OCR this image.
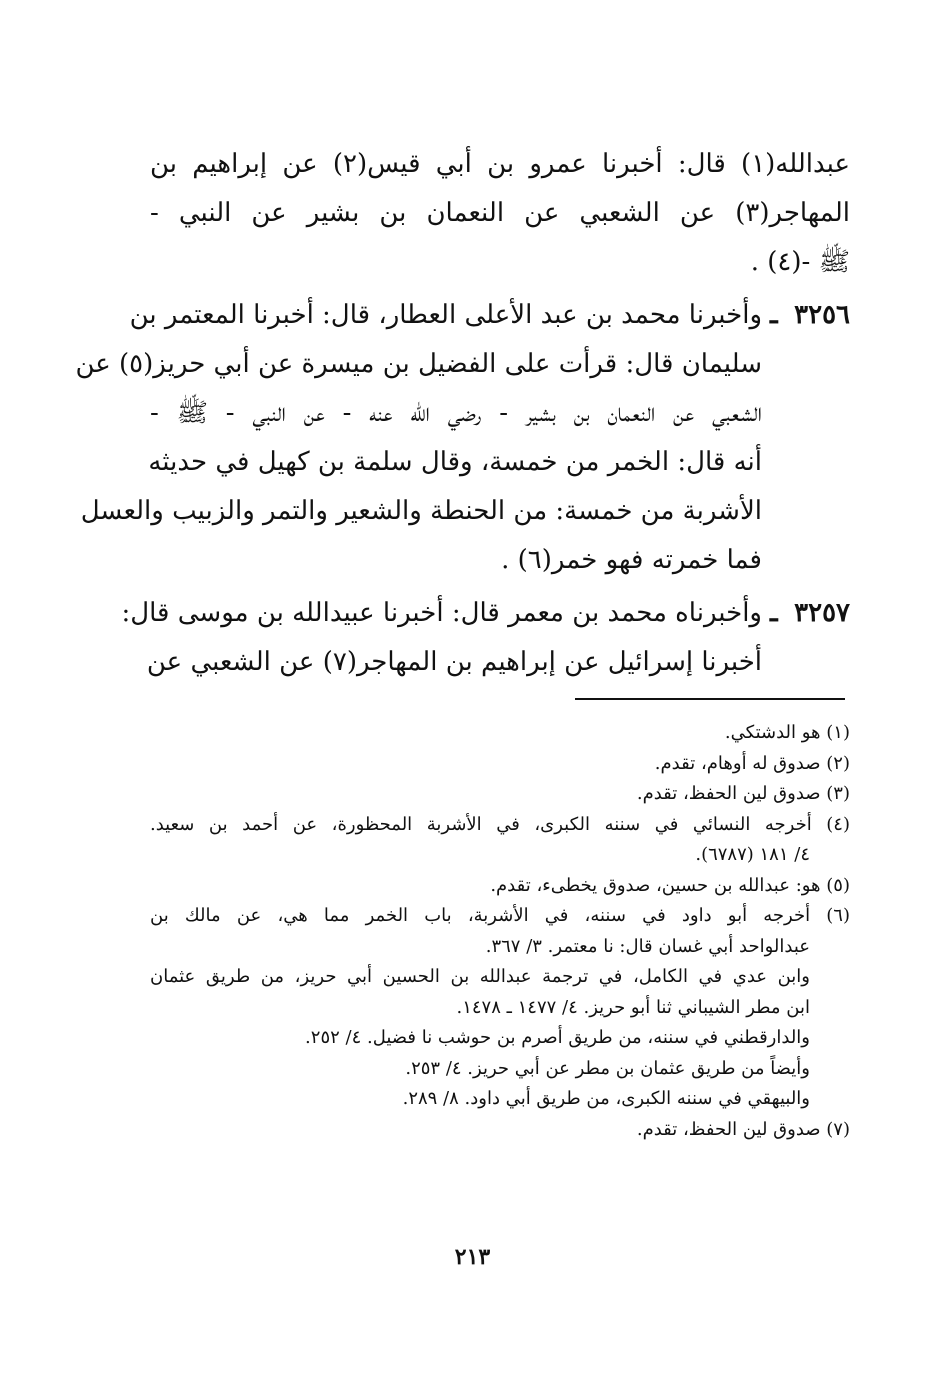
عبدالله(١) قال: أخبرنا عمرو بن أبي قيس(٢) عن إبراهيم بن
المهاجر(٣) عن الشعبي عن النعمان بن بشير عن النبي -
ﷺ -(٤) .
٣٢٥٦ ـ
وأخبرنا محمد بن عبد الأعلى العطار، قال: أخبرنا المعتمر بن
سليمان قال: قرأت على الفضيل بن ميسرة عن أبي حريز(٥) عن
الشعبي عن النعمان بن بشير - رضي الله عنه - عن النبي - ﷺ -
أنه قال: الخمر من خمسة، وقال سلمة بن كهيل في حديثه
الأشربة من خمسة: من الحنطة والشعير والتمر والزبيب والعسل
فما خمرته فهو خمر(٦) .
٣٢٥٧ ـ
وأخبرناه محمد بن معمر قال: أخبرنا عبيدالله بن موسى قال:
أخبرنا إسرائيل عن إبراهيم بن المهاجر(٧) عن الشعبي عن
(١) هو الدشتكي.
(٢) صدوق له أوهام، تقدم.
(٣) صدوق لين الحفظ، تقدم.
(٤) أخرجه النسائي في سننه الكبرى، في الأشربة المحظورة، عن أحمد بن سعيد.
٤/ ١٨١ (٦٧٨٧).
(٥) هو: عبدالله بن حسين، صدوق يخطىء، تقدم.
(٦) أخرجه أبو داود في سننه، في الأشربة، باب الخمر مما هي، عن مالك بن
عبدالواحد أبي غسان قال: نا معتمر. ٣/ ٣٦٧.
وابن عدي في الكامل، في ترجمة عبدالله بن الحسين أبي حريز، من طريق عثمان
ابن مطر الشيباني ثنا أبو حريز. ٤/ ١٤٧٧ ـ ١٤٧٨.
والدارقطني في سننه، من طريق أصرم بن حوشب نا فضيل. ٤/ ٢٥٢.
وأيضاً من طريق عثمان بن مطر عن أبي حريز. ٤/ ٢٥٣.
والبيهقي في سننه الكبرى، من طريق أبي داود. ٨/ ٢٨٩.
(٧) صدوق لين الحفظ، تقدم.
٢١٣
